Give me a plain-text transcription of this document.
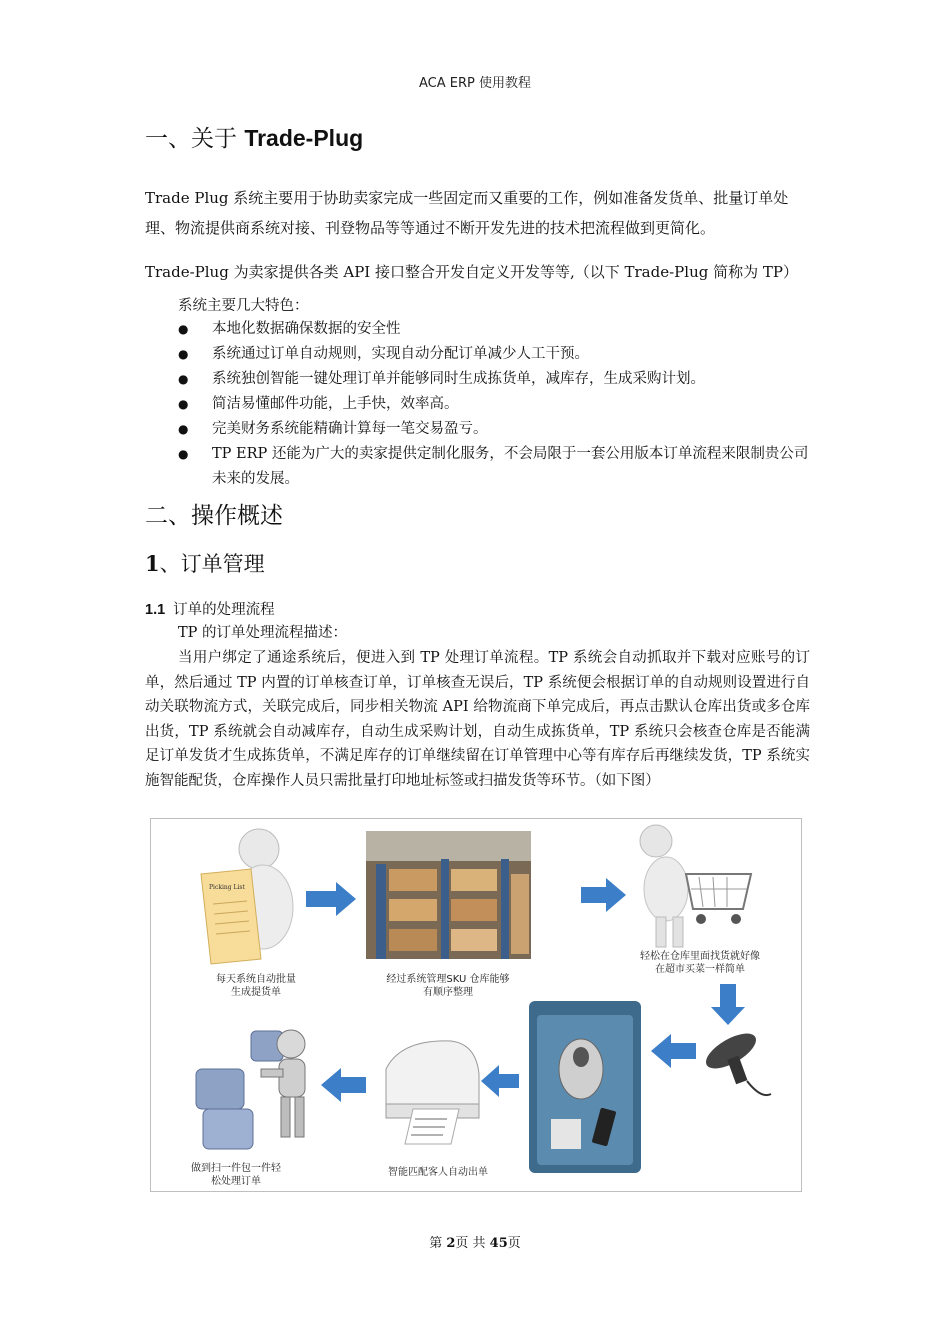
ACA ERP 使用教程
一、关于 Trade-Plug
Trade Plug 系统主要用于协助卖家完成一些固定而又重要的工作，例如准备发货单、批量订单处理、物流提供商系统对接、刊登物品等等通过不断开发先进的技术把流程做到更简化。
Trade-Plug 为卖家提供各类 API 接口整合开发自定义开发等等,（以下 Trade-Plug 简称为 TP）
系统主要几大特色：
● 本地化数据确保数据的安全性
● 系统通过订单自动规则，实现自动分配订单减少人工干预。
● 系统独创智能一键处理订单并能够同时生成拣货单，减库存，生成采购计划。
● 简洁易懂邮件功能，上手快，效率高。
● 完美财务系统能精确计算每一笔交易盈亏。
● TP ERP 还能为广大的卖家提供定制化服务，不会局限于一套公用版本订单流程来限制贵公司未来的发展。
二、操作概述
1、订单管理
1.1 订单的处理流程
TP 的订单处理流程描述：
当用户绑定了通途系统后，便进入到 TP 处理订单流程。TP 系统会自动抓取并下载对应账号的订单，然后通过 TP 内置的订单核查订单，订单核查无误后，TP 系统便会根据订单的自动规则设置进行自动关联物流方式，关联完成后，同步相关物流 API 给物流商下单完成后，再点击默认仓库出货或多仓库出货，TP 系统就会自动减库存，自动生成采购计划，自动生成拣货单，TP 系统只会核查仓库是否能满足订单发货才生成拣货单，不满足库存的订单继续留在订单管理中心等有库存后再继续发货，TP 系统实施智能配货，仓库操作人员只需批量打印地址标签或扫描发货等环节。（如下图）
Picking List
每天系统自动批量
生成提货单
经过系统管理SKU 仓库能够
有顺序整理
轻松在仓库里面找货就好像
在超市买菜一样简单
智能匹配客人自动出单
做到扫一件包一件轻
松处理订单
第 2页 共 45页
